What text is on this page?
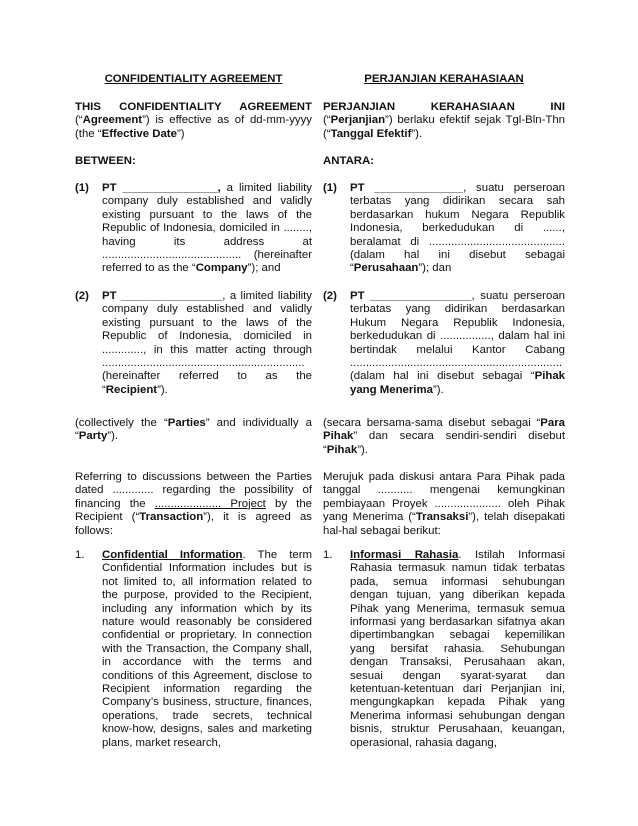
CONFIDENTIALITY AGREEMENT
THIS CONFIDENTIALITY AGREEMENT (“Agreement”) is effective as of dd-mm-yyyy (the “Effective Date”)
BETWEEN:
(1) PT _______________, a limited liability company duly established and validly existing pursuant to the laws of the Republic of Indonesia, domiciled in ........, having its address at ............................................ (hereinafter referred to as the “Company”); and
(2) PT ________________, a limited liability company duly established and validly existing pursuant to the laws of the Republic of Indonesia, domiciled in ............., in this matter acting through ................................................................ (hereinafter referred to as the “Recipient”).
(collectively the “Parties” and individually a “Party”).
Referring to discussions between the Parties dated ............. regarding the possibility of financing the ..................... Project by the Recipient (“Transaction”), it is agreed as follows:
1. Confidential Information. The term Confidential Information includes but is not limited to, all information related to the purpose, provided to the Recipient, including any information which by its nature would reasonably be considered confidential or proprietary. In connection with the Transaction, the Company shall, in accordance with the terms and conditions of this Agreement, disclose to Recipient information regarding the Company’s business, structure, finances, operations, trade secrets, technical know-how, designs, sales and marketing plans, market research,
PERJANJIAN KERAHASIAAN
PERJANJIAN KERAHASIAAN INI (“Perjanjian”) berlaku efektif sejak Tgl-Bln-Thn (“Tanggal Efektif”).
ANTARA:
(1) PT ______________, suatu perseroan terbatas yang didirikan secara sah berdasarkan hukum Negara Republik Indonesia, berkedudukan di ......, beralamat di ........................................... (dalam hal ini disebut sebagai “Perusahaan”); dan
(2) PT ________________, suatu perseroan terbatas yang didirikan berdasarkan Hukum Negara Republik Indonesia, berkedudukan di ................, dalam hal ini bertindak melalui Kantor Cabang ................................................................... (dalam hal ini disebut sebagai “Pihak yang Menerima”).
(secara bersama-sama disebut sebagai “Para Pihak” dan secara sendiri-sendiri disebut “Pihak”).
Merujuk pada diskusi antara Para Pihak pada tanggal ........... mengenai kemungkinan pembiayaan Proyek ..................... oleh Pihak yang Menerima (“Transaksi”), telah disepakati hal-hal sebagai berikut:
1. Informasi Rahasia. Istilah Informasi Rahasia termasuk namun tidak terbatas pada, semua informasi sehubungan dengan tujuan, yang diberikan kepada Pihak yang Menerima, termasuk semua informasi yang berdasarkan sifatnya akan dipertimbangkan sebagai kepemilikan yang bersifat rahasia. Sehubungan dengan Transaksi, Perusahaan akan, sesuai dengan syarat-syarat dan ketentuan-ketentuan dari Perjanjian ini, mengungkapkan kepada Pihak yang Menerima informasi sehubungan dengan bisnis, struktur Perusahaan, keuangan, operasional, rahasia dagang,
